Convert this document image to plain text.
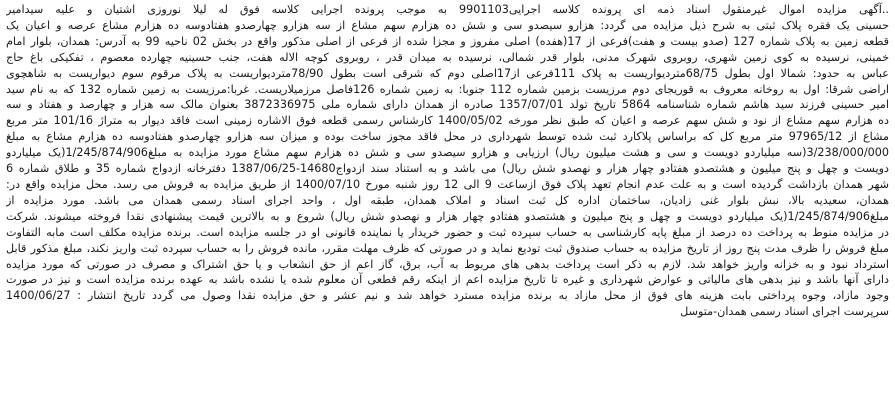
..آگهی مزایده اموال غیرمنقول اسناد ذمه ای پرونده کلاسه اجرایی9901103 به موجب پرونده اجرایی کلاسه فوق له لیلا نوروزی اشتیان و علیه سیدامیر
حسینی یک فقره پلاک ثبتی به شرح ذیل مزایده می گردد: هزارو سیصدو سی و شش ده هزارم سهم مشاع از سه هزارو چهارصدو هفتادوسه ده هزارم مشاع عرصه و اعیان یک
قطعه زمین به پلاک شماره 127 (صدو بیست و هفت)فرعی از 17(هفده) اصلی مفروز و مجزا شده از فرعی از اصلی مذکور واقع در بخش 02 ناحیه 99 به آدرس: همدان، بلوار امام
خمینی، نرسیده به کوی زمین شهری، روبروی شهرک مدنی، بلوار قدر شمالی، نرسیده به میدان قدر ، روبروی کوچه الاله هفت، جنب حسینیه چهارده معصوم ، تفکیکی باغ حاج
عباس به حدود: شمالا اول بطول 68/75مترديواريست به پلاک 111فرعی از17اصلی دوم که شرقی است بطول 78/90متردیواریست به پلاک مرقوم سوم دیواریست به شاهچوی
اراضی شرقا: اول به روخانه معروف به قوریجای دوم مرزیست بزمین شماره 112 جنوبا: به زمین شماره 126فاصل مرزمیلاریست. غربا:مرزیست به زمین شماره 132 که به نام سید
امیر حسینی فرزند سید هاشم شماره شناسنامه 5864 تاریخ تولد 1357/07/01 صادره از همدان دارای شماره ملی 3872336975 بعنوان مالک سه هزار و چهارصد و هفتاد و سه
ده هزارم سهم مشاع از نود و شش سهم عرصه و اعیان که طبق نظر مورخه 1400/05/02 کارشناس رسمی قطعه فوق الاشاره زمینی است فاقد دیوار به متراژ 101/16 متر مربع
مشاع از 97965/12 متر مربع کل که براساس پلاکارد ثبت شده توسط شهرداری در محل فاقد مجوز ساخت بوده و میزان سه هزارو چهارصدو هفتادوسه ده هزارم مشاع به مبلغ
3/238/000/000(سه میلیاردو دویست و سی و هشت میلیون ریال) ارزیابی و هزارو سیصدو سی و شش ده هزارم سهم مشاع مورد مزایده به مبلغ1/245/874/906(یک میلیاردو
دویست و چهل و پنج میلیون و هشتصدو هفتادو چهار هزار و نهصدو شش ریال) می باشد و به استناد سند ازدواج14680-1387/06/25 دفترخانه ازدواج شماره 35 و طلاق شماره 6
شهر همدان بازداشت گردیده است و به علت عدم انجام تعهد پلاک فوق ازساعت 9 الی 12 روز شنبه مورخ 1400/07/10 از طریق مزایده به فروش می رسد. محل مزایده واقع در:
همدان، سعیدیه بالا، نبش بلوار غنی زادیان، ساختمان اداره کل ثبت اسناد و املاک همدان، طبقه اول ، واحد اجرای اسناد رسمی همدان می باشد. مورد مزایده از
مبلغ1/245/874/906(یک میلیاردو دویست و چهل و پنج میلیون و هشتصدو هفتادو چهار هزار و نهصدو شش ریال) شروع و به بالاترین قیمت پیشنهادی نقدا فروخته میشوند. شرکت
در مزایده منوط به پرداخت ده درصد از مبلغ پایه کارشناسی به حساب سپرده ثبت و حضور خریدار یا نماینده قانونی او در جلسه مزایده است. برنده مزایده مکلف است مابه التفاوت
مبلغ فروش را ظرف مدت پنج روز از تاریخ مزایده به حساب صندوق ثبت تودیع نماید و در صورتی که ظرف مهلت مقرر، مانده فروش را به حساب سپرده ثبت واریز نکند، مبلغ مذکور قابل
استرداد نبود و به خزانه واریز خواهد شد. لازم به ذکر است پرداخت بدهی های مربوط به آب، برق، گاز اعم از حق انشعاب و یا حق اشتراک و مصرف در صورتی که مورد مزایده
دارای آنها باشد و نیز بدهی های مالیاتی و عوارض شهرداری و غیره تا تاریخ مزایده اعم از اینکه رقم قطعی آن معلوم شده یا نشده باشد به عهده برنده مزایده است و نیز در صورت
وجود مازاد، وجوه پرداختی بابت هزینه های فوق از محل مازاد به برنده مزایده مسترد خواهد شد و نیم عشر و حق مزایده نقدا وصول می گردد تاریخ انتشار : 1400/06/27
سرپرست اجرای اسناد رسمی همدان-متوسل
